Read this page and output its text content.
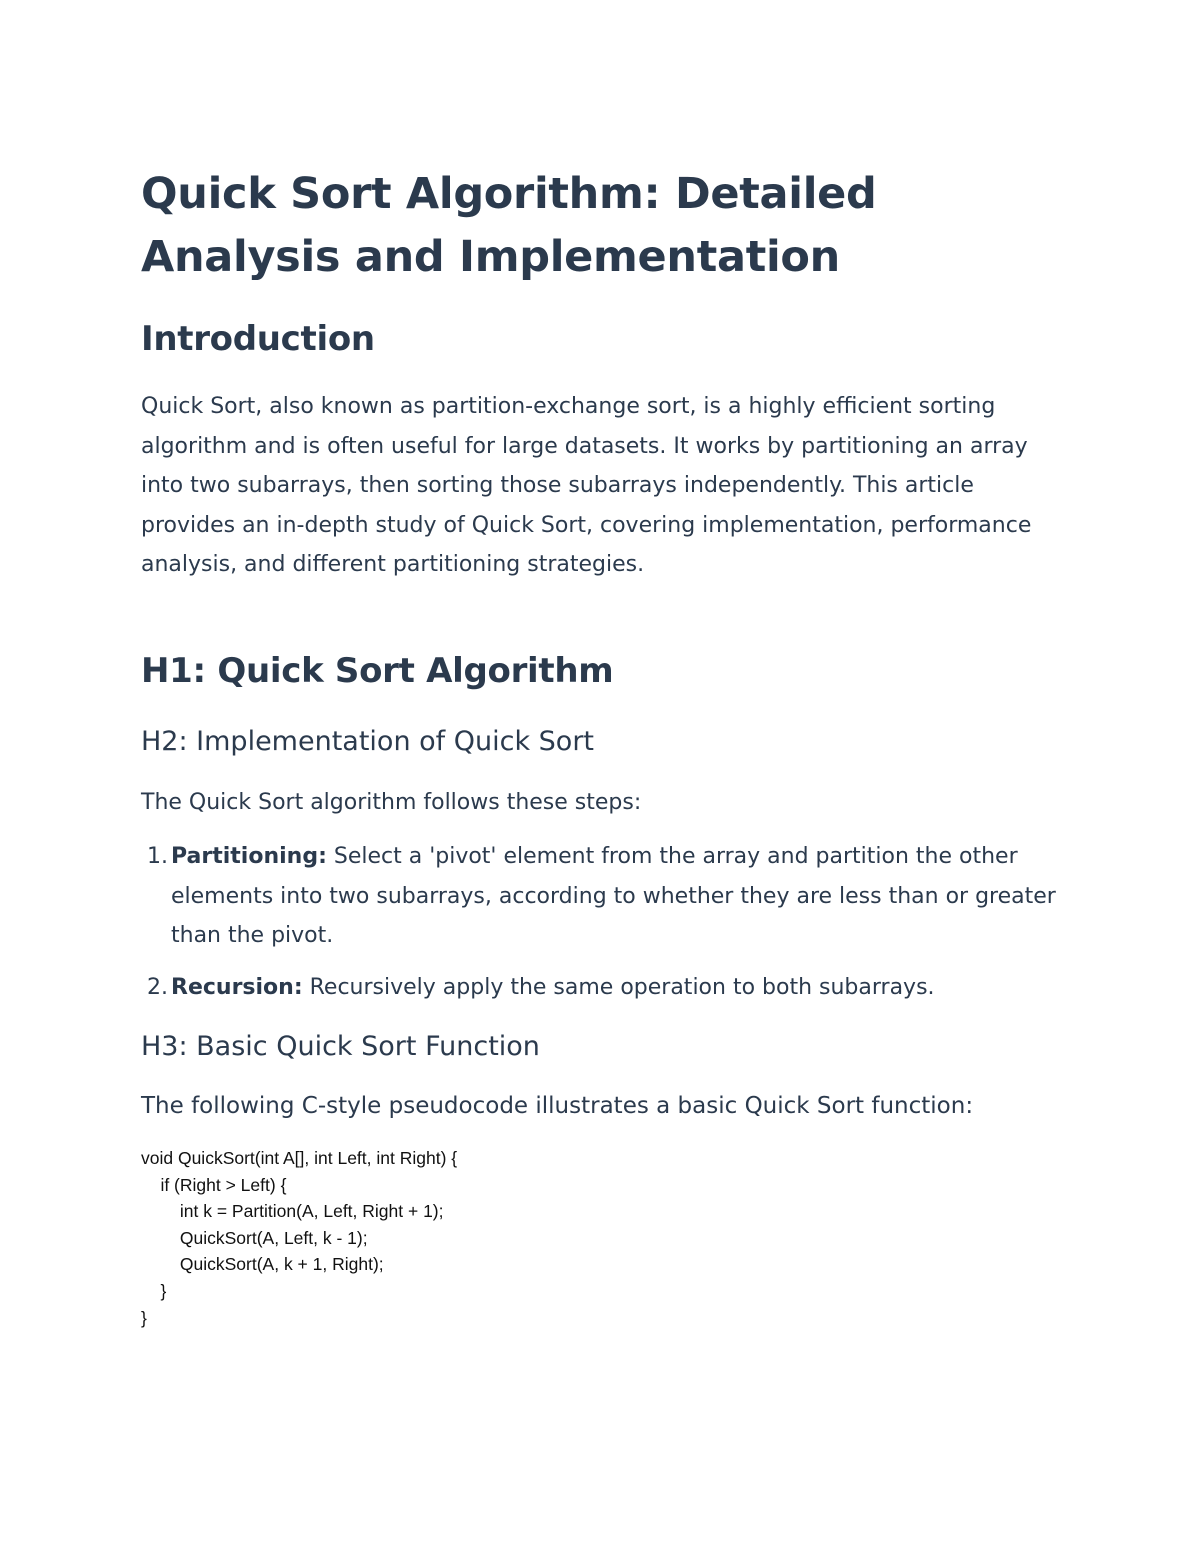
Quick Sort Algorithm: Detailed Analysis and Implementation
Introduction

Quick Sort, also known as partition-exchange sort, is a highly efficient sorting algorithm and is often useful for large datasets. It works by partitioning an array into two subarrays, then sorting those subarrays independently. This article provides an in-depth study of Quick Sort, covering implementation, performance analysis, and different partitioning strategies.

H1: Quick Sort Algorithm
H2: Implementation of Quick Sort

The Quick Sort algorithm follows these steps:

1. Partitioning: Select a 'pivot' element from the array and partition the other elements into two subarrays, according to whether they are less than or greater than the pivot.
2. Recursion: Recursively apply the same operation to both subarrays.
H3: Basic Quick Sort Function

The following C-style pseudocode illustrates a basic Quick Sort function:

void QuickSort(int A[], int Left, int Right) {
if (Right > Left) {
int k = Partition(A, Left, Right + 1);
QuickSort(A, Left, k - 1);
QuickSort(A, k + 1, Right);
}
}
